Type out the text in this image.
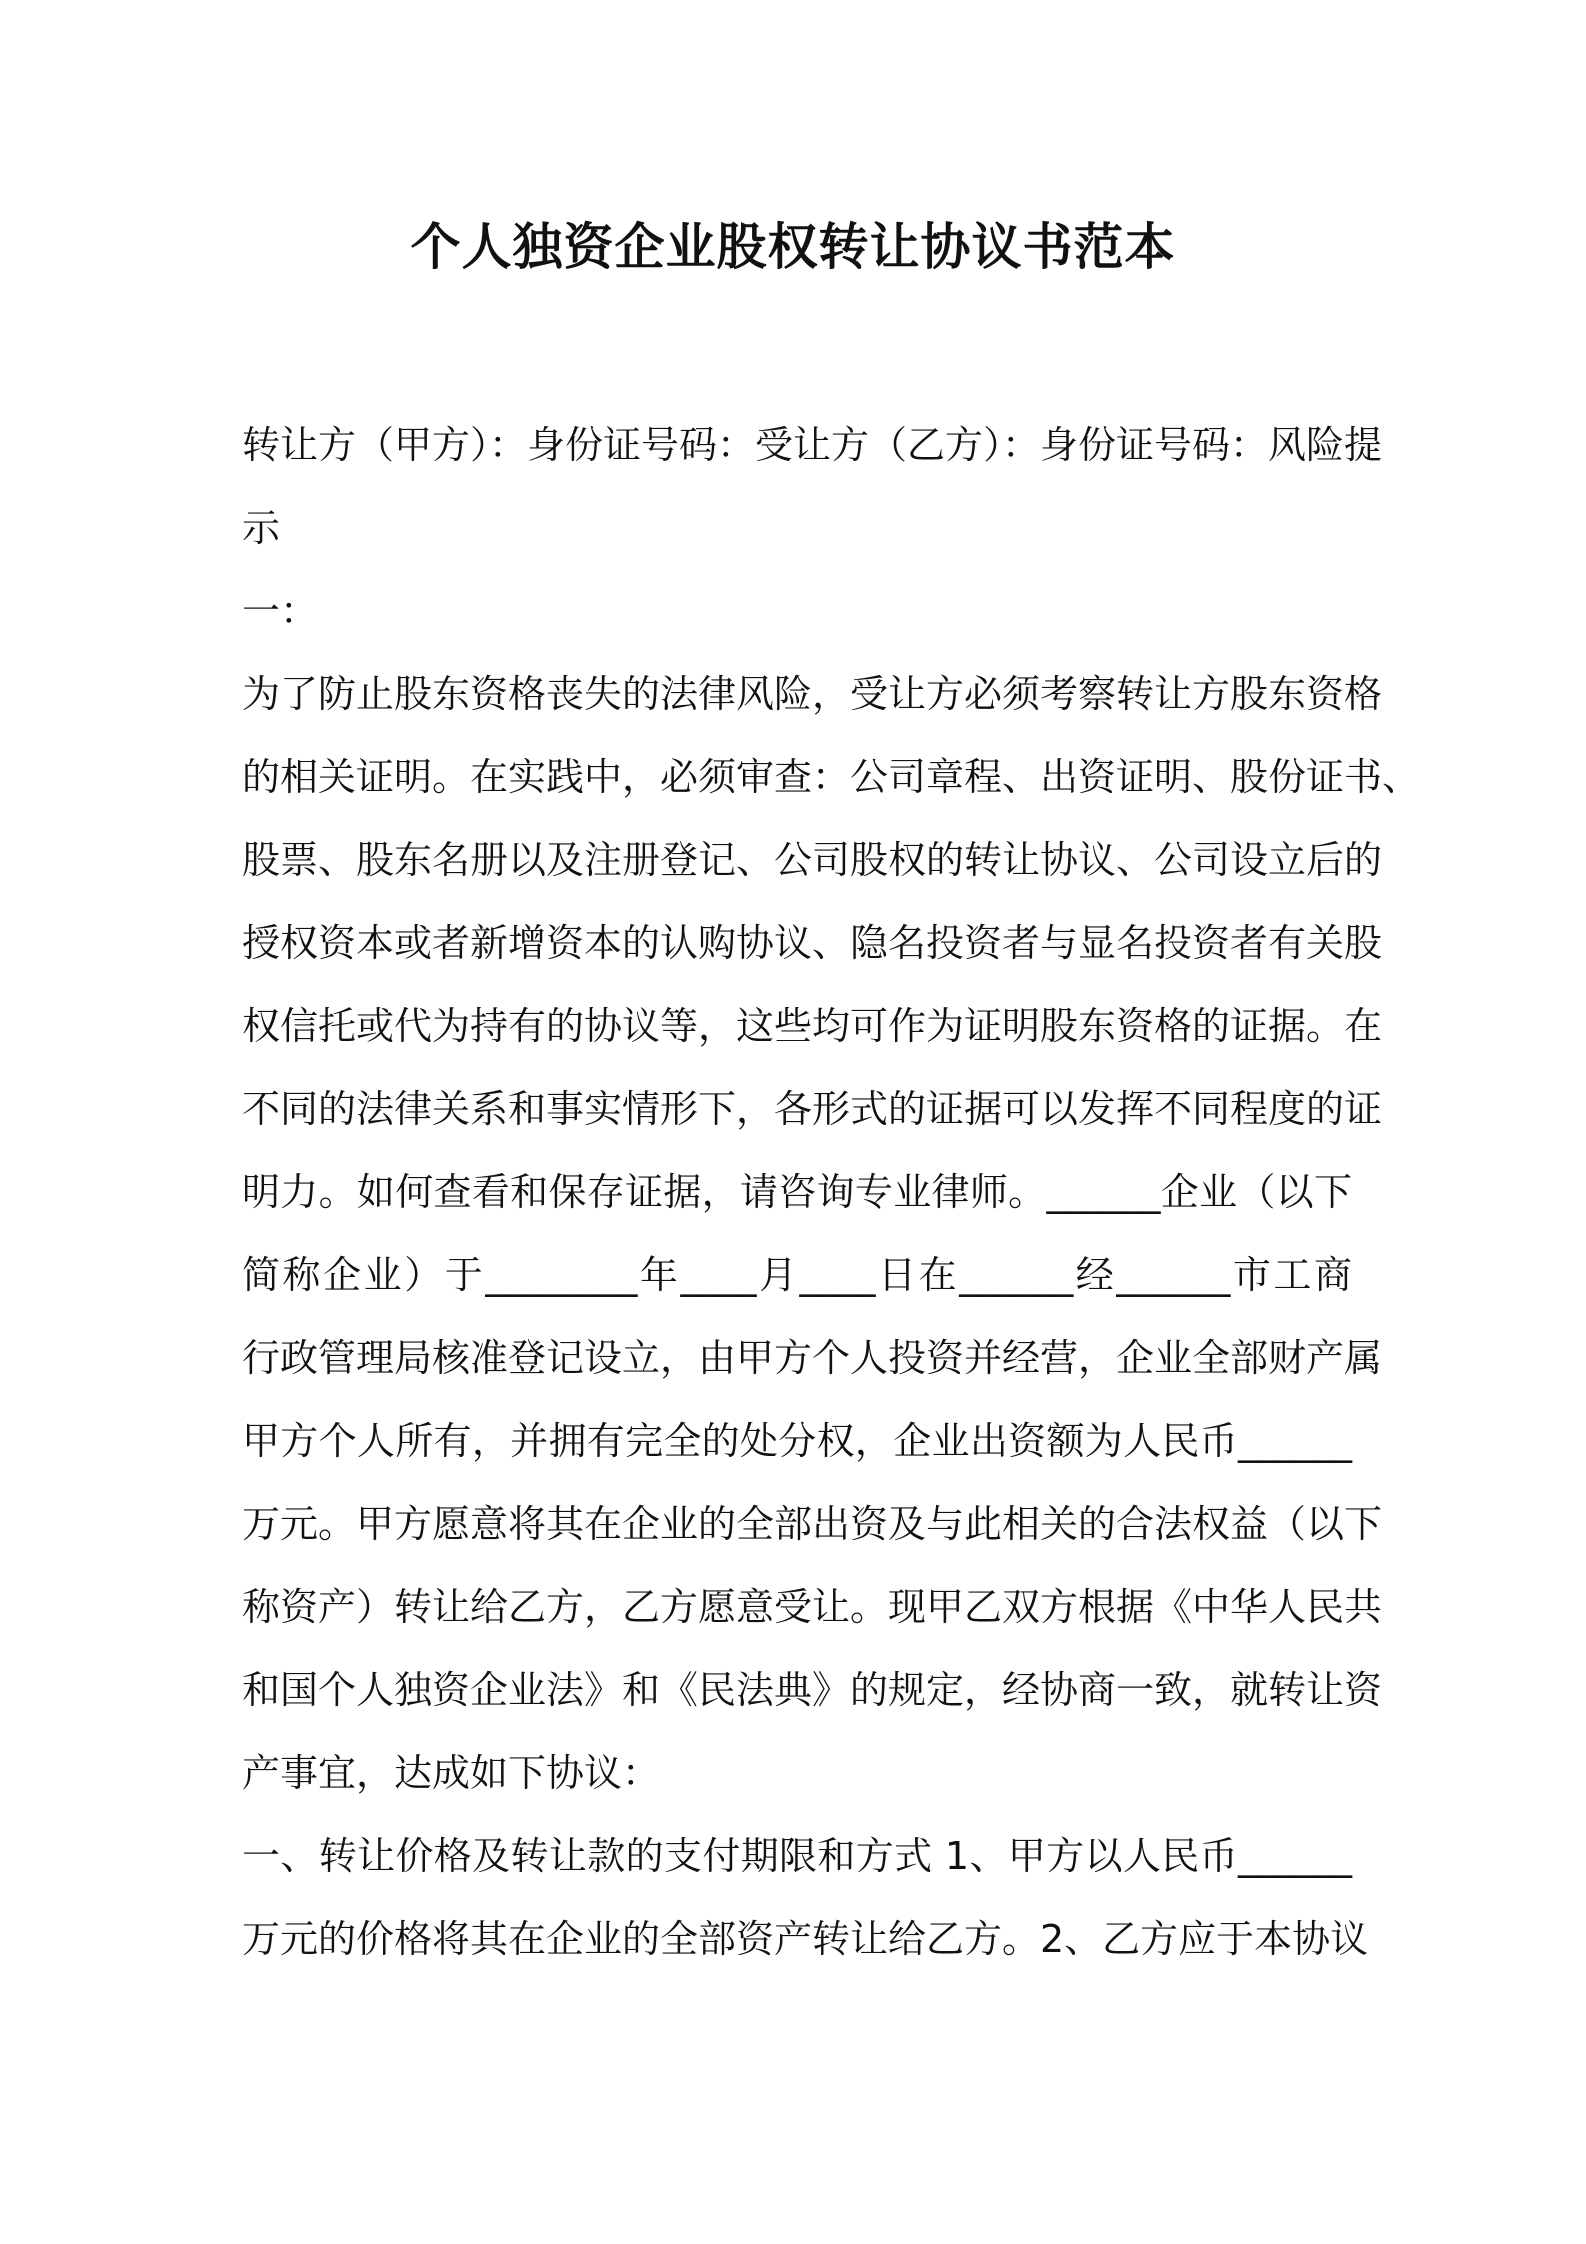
个人独资企业股权转让协议书范本
转让方（甲方）：身份证号码：受让方（乙方）：身份证号码：风险提
示
一：
为了防止股东资格丧失的法律风险，受让方必须考察转让方股东资格
的相关证明。在实践中，必须审查：公司章程、出资证明、股份证书、
股票、股东名册以及注册登记、公司股权的转让协议、公司设立后的
授权资本或者新增资本的认购协议、隐名投资者与显名投资者有关股
权信托或代为持有的协议等，这些均可作为证明股东资格的证据。在
不同的法律关系和事实情形下，各形式的证据可以发挥不同程度的证
明力。如何查看和保存证据，请咨询专业律师。______企业（以下
简称企业）于________年____月____日在______经______市工商
行政管理局核准登记设立，由甲方个人投资并经营，企业全部财产属
甲方个人所有，并拥有完全的处分权，企业出资额为人民币______
万元。甲方愿意将其在企业的全部出资及与此相关的合法权益（以下
称资产）转让给乙方，乙方愿意受让。现甲乙双方根据《中华人民共
和国个人独资企业法》和《民法典》的规定，经协商一致，就转让资
产事宜，达成如下协议：
一、转让价格及转让款的支付期限和方式 1、甲方以人民币______
万元的价格将其在企业的全部资产转让给乙方。2、乙方应于本协议
